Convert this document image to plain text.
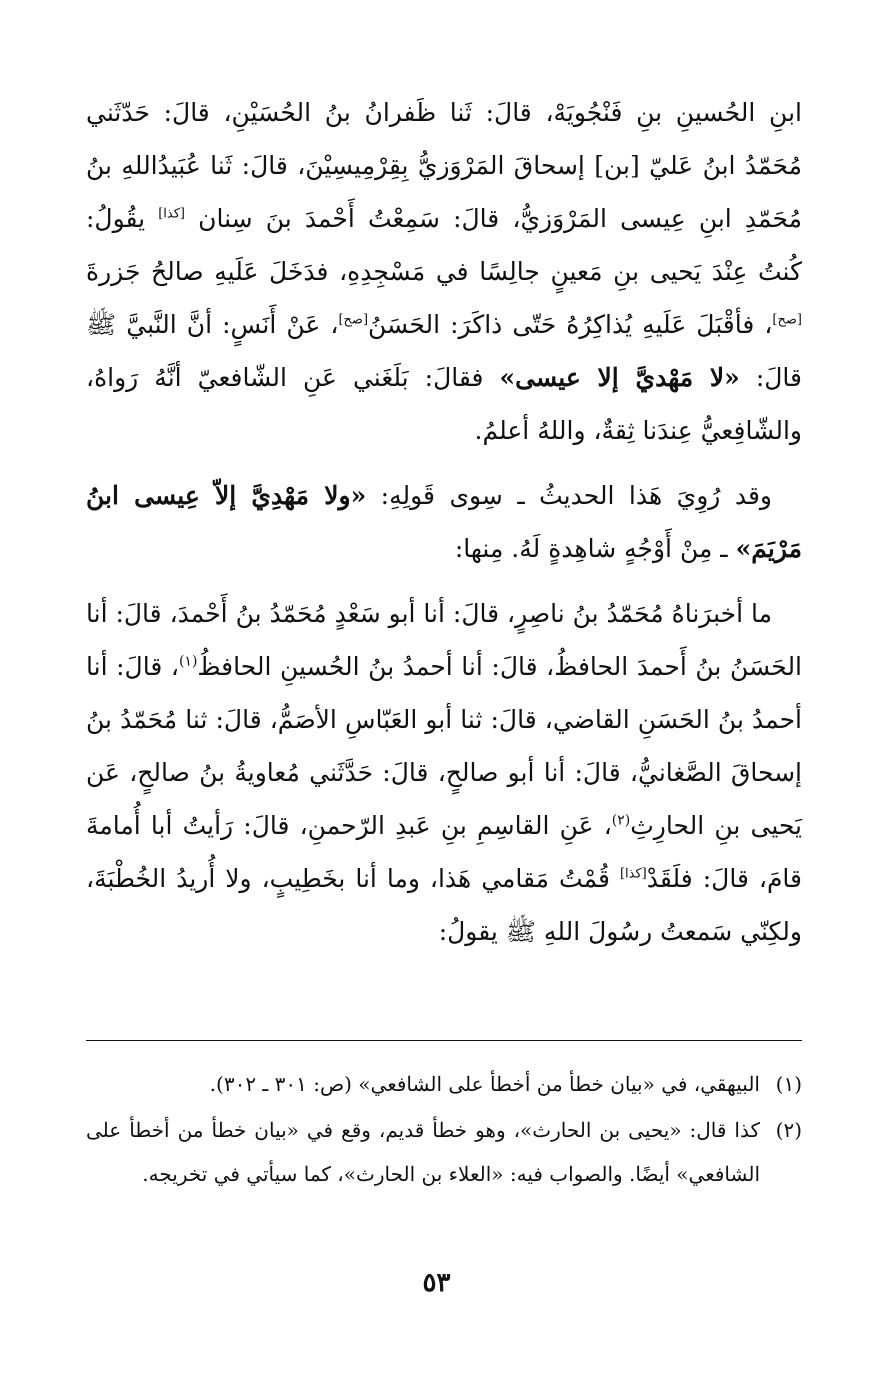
ابنِ الحُسينِ بنِ فَنْجُويَهْ، قالَ: ثَنا ظَفرانُ بنُ الحُسَيْنِ، قالَ: حَدّثَني مُحَمّدُ ابنُ عَليّ [بن] إسحاقَ المَرْوَزيُّ بِقِرْمِيسِيْنَ، قالَ: ثَنا عُبَيدُاللهِ بنُ مُحَمّدِ ابنِ عِيسى المَرْوَزيُّ، قالَ: سَمِعْتُ أَحْمدَ بنَ سِنان [كذا] يقُولُ: كُنتُ عِنْدَ يَحيى بنِ مَعينٍ جالِسًا في مَسْجِدِهِ، فدَخَلَ عَلَيهِ صالحُ جَزرةَ [صح]، فأقْبَلَ عَلَيهِ يُذاكِرُهُ حَتّى ذاكَرَ: الحَسَنُ[صح]، عَنْ أَنَسٍ: أنَّ النَّبيَّ ﷺ قالَ: «لا مَهْديَّ إلا عيسى» فقالَ: بَلَغَني عَنِ الشّافعيّ أنَّهُ رَواهُ، والشّافِعيُّ عِندَنا ثِقةٌ، واللهُ أعلمُ.

وقد رُوِيَ هَذا الحديثُ ـ سِوى قَولِهِ: «ولا مَهْدِيَّ إلاّ عِيسى ابنُ مَرْيَمَ» ـ مِنْ أَوْجُهٍ شاهِدةٍ لَهُ. مِنها:

ما أخبرَناهُ مُحَمّدُ بنُ ناصِرٍ، قالَ: أنا أبو سَعْدٍ مُحَمّدُ بنُ أَحْمدَ، قالَ: أنا الحَسَنُ بنُ أَحمدَ الحافظُ، قالَ: أنا أحمدُ بنُ الحُسينِ الحافظُ$^{(١)}$، قالَ: أنا أحمدُ بنُ الحَسَنِ القاضي، قالَ: ثنا أبو العَبّاسِ الأصَمُّ، قالَ: ثنا مُحَمّدُ بنُ إسحاقَ الصَّغانيُّ، قالَ: أنا أبو صالحٍ، قالَ: حَدَّثَني مُعاويةُ بنُ صالحٍ، عَن يَحيى بنِ الحارِثِ$^{(٢)}$، عَنِ القاسِمِ بنِ عَبدِ الرّحمنِ، قالَ: رَأيتُ أبا أُمامةَ قامَ، قالَ: فلَقَدْ[كذا] قُمْتُ مَقامي هَذا، وما أنا بخَطِيبٍ، ولا أُريدُ الخُطْبَةَ، ولكِنّي سَمعتُ رسُولَ اللهِ ﷺ يقولُ:

(١)
البيهقي، في «بيان خطأ من أخطأ على الشافعي» (ص: ٣٠١ ـ ٣٠٢).
(٢)
كذا قال: «يحيى بن الحارث»، وهو خطأ قديم، وقع في «بيان خطأ من أخطأ على الشافعي» أيضًا. والصواب فيه: «العلاء بن الحارث»، كما سيأتي في تخريجه.
٥٣
